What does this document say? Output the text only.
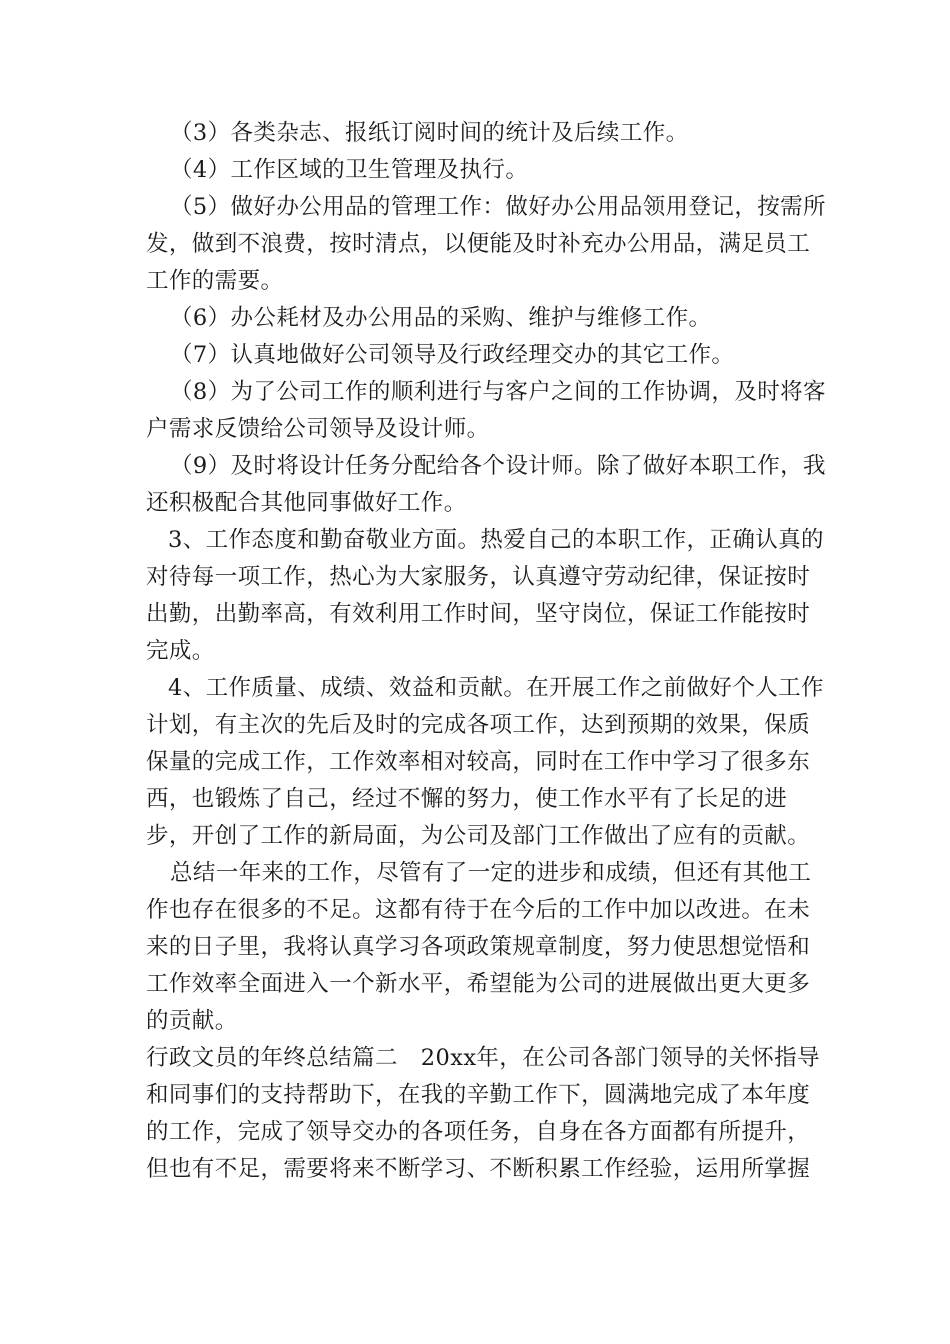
（3）各类杂志、报纸订阅时间的统计及后续工作。

（4）工作区域的卫生管理及执行。

（5）做好办公用品的管理工作：做好办公用品领用登记，按需所发，做到不浪费，按时清点，以便能及时补充办公用品，满足员工工作的需要。

（6）办公耗材及办公用品的采购、维护与维修工作。

（7）认真地做好公司领导及行政经理交办的其它工作。

（8）为了公司工作的顺利进行与客户之间的工作协调，及时将客户需求反馈给公司领导及设计师。

（9）及时将设计任务分配给各个设计师。除了做好本职工作，我还积极配合其他同事做好工作。

3、工作态度和勤奋敬业方面。热爱自己的本职工作，正确认真的对待每一项工作，热心为大家服务，认真遵守劳动纪律，保证按时出勤，出勤率高，有效利用工作时间，坚守岗位，保证工作能按时完成。

4、工作质量、成绩、效益和贡献。在开展工作之前做好个人工作计划，有主次的先后及时的完成各项工作，达到预期的效果，保质保量的完成工作，工作效率相对较高，同时在工作中学习了很多东西，也锻炼了自己，经过不懈的努力，使工作水平有了长足的进步，开创了工作的新局面，为公司及部门工作做出了应有的贡献。

总结一年来的工作，尽管有了一定的进步和成绩，但还有其他工作也存在很多的不足。这都有待于在今后的工作中加以改进。在未来的日子里，我将认真学习各项政策规章制度，努力使思想觉悟和工作效率全面进入一个新水平，希望能为公司的进展做出更大更多的贡献。

行政文员的年终总结篇二　20xx年，在公司各部门领导的关怀指导和同事们的支持帮助下，在我的辛勤工作下，圆满地完成了本年度的工作，完成了领导交办的各项任务，自身在各方面都有所提升，但也有不足，需要将来不断学习、不断积累工作经验，运用所掌握
